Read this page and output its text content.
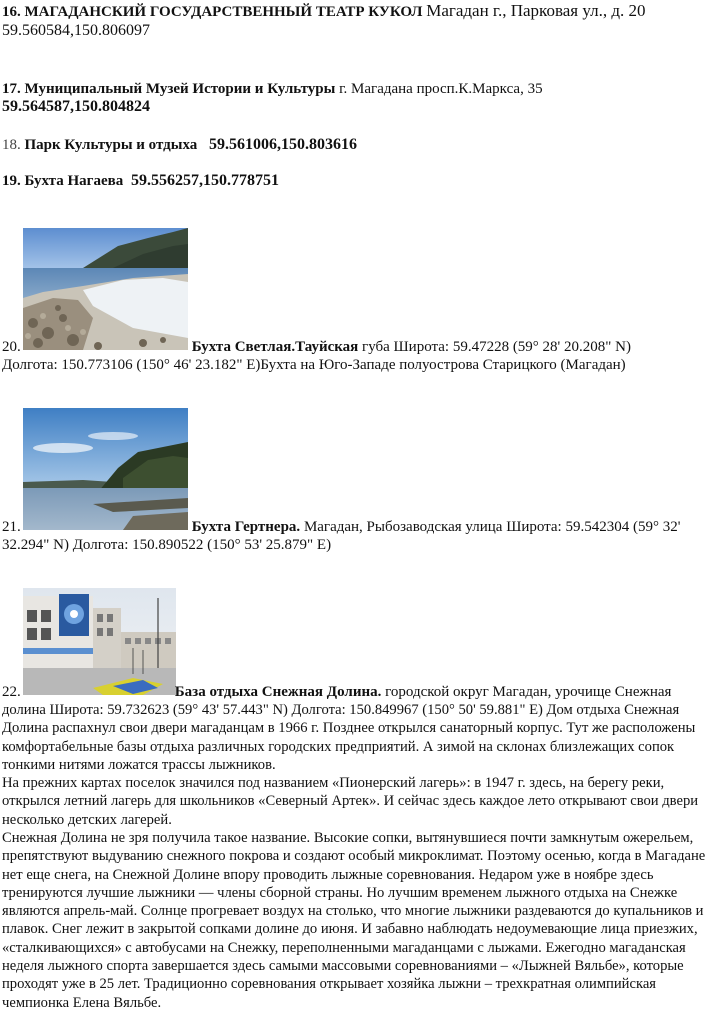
16. МАГАДАНСКИЙ ГОСУДАРСТВЕННЫЙ ТЕАТР КУКОЛ Магадан г., Парковая ул., д. 20
59.560584,150.806097
17. Муниципальный Музей Истории и Культуры г. Магадана просп.К.Маркса, 35
59.564587,150.804824
18. Парк Культуры и отдыха 59.561006,150.803616
19. Бухта Нагаева 59.556257,150.778751
20.	Бухта Светлая.Тауйская губа Широта: 59.47228 (59° 28' 20.208" N)
Долгота: 150.773106 (150° 46' 23.182" E)Бухта на Юго-Западе полуострова Старицкого (Магадан)
21.	Бухта Гертнера. Магадан, Рыбозаводская улица Широта: 59.542304 (59° 32'
32.294" N) Долгота: 150.890522 (150° 53' 25.879" E)
22.	База отдыха Снежная Долина. городской округ Магадан, урочище Снежная
долина Широта: 59.732623 (59° 43' 57.443" N) Долгота: 150.849967 (150° 50' 59.881" E) Дом отдыха Снежная Долина распахнул свои двери магаданцам в 1966 г. Позднее открылся санаторный корпус. Тут же расположены комфортабельные базы отдыха различных городских предприятий. А зимой на склонах близлежащих сопок тонкими нитями ложатся трассы лыжников.
На прежних картах поселок значился под названием «Пионерский лагерь»: в 1947 г. здесь, на берегу реки, открылся летний лагерь для школьников «Северный Артек». И сейчас здесь каждое лето открывают свои двери несколько детских лагерей.
Снежная Долина не зря получила такое название. Высокие сопки, вытянувшиеся почти замкнутым ожерельем, препятствуют выдуванию снежного покрова и создают особый микроклимат. Поэтому осенью, когда в Магадане нет еще снега, на Снежной Долине впору проводить лыжные соревнования. Недаром уже в ноябре здесь тренируются лучшие лыжники — члены сборной страны. Но лучшим временем лыжного отдыха на Снежке являются апрель-май. Солнце прогревает воздух на столько, что многие лыжники раздеваются до купальников и плавок. Снег лежит в закрытой сопками долине до июня. И забавно наблюдать недоумевающие лица приезжих, «сталкивающихся» с автобусами на Снежку, переполненными магаданцами с лыжами. Ежегодно магаданская неделя лыжного спорта завершается здесь самыми массовыми соревнованиями – «Лыжней Вяльбе», которые проходят уже в 25 лет. Традиционно соревнования открывает хозяйка лыжни – трехкратная олимпийская чемпионка Елена Вяльбе.
